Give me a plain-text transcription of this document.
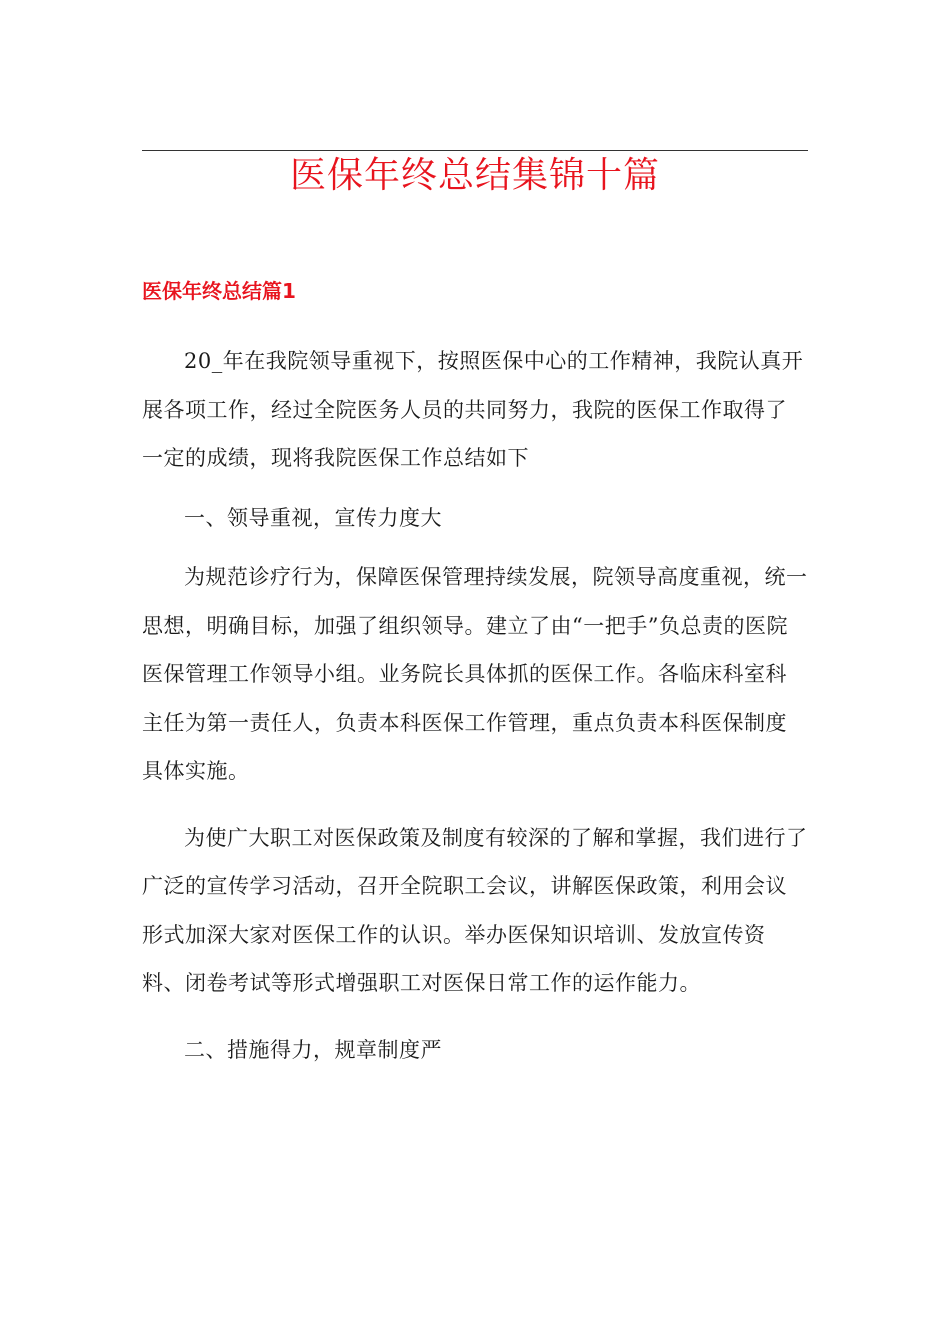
医保年终总结集锦十篇
医保年终总结篇1

20_年在我院领导重视下，按照医保中心的工作精神，我院认真开展各项工作，经过全院医务人员的共同努力，我院的医保工作取得了一定的成绩，现将我院医保工作总结如下

一、领导重视，宣传力度大

为规范诊疗行为，保障医保管理持续发展，院领导高度重视，统一思想，明确目标，加强了组织领导。建立了由“一把手”负总责的医院医保管理工作领导小组。业务院长具体抓的医保工作。各临床科室科主任为第一责任人，负责本科医保工作管理，重点负责本科医保制度具体实施。

为使广大职工对医保政策及制度有较深的了解和掌握，我们进行了广泛的宣传学习活动，召开全院职工会议，讲解医保政策，利用会议形式加深大家对医保工作的认识。举办医保知识培训、发放宣传资料、闭卷考试等形式增强职工对医保日常工作的运作能力。

二、措施得力，规章制度严
